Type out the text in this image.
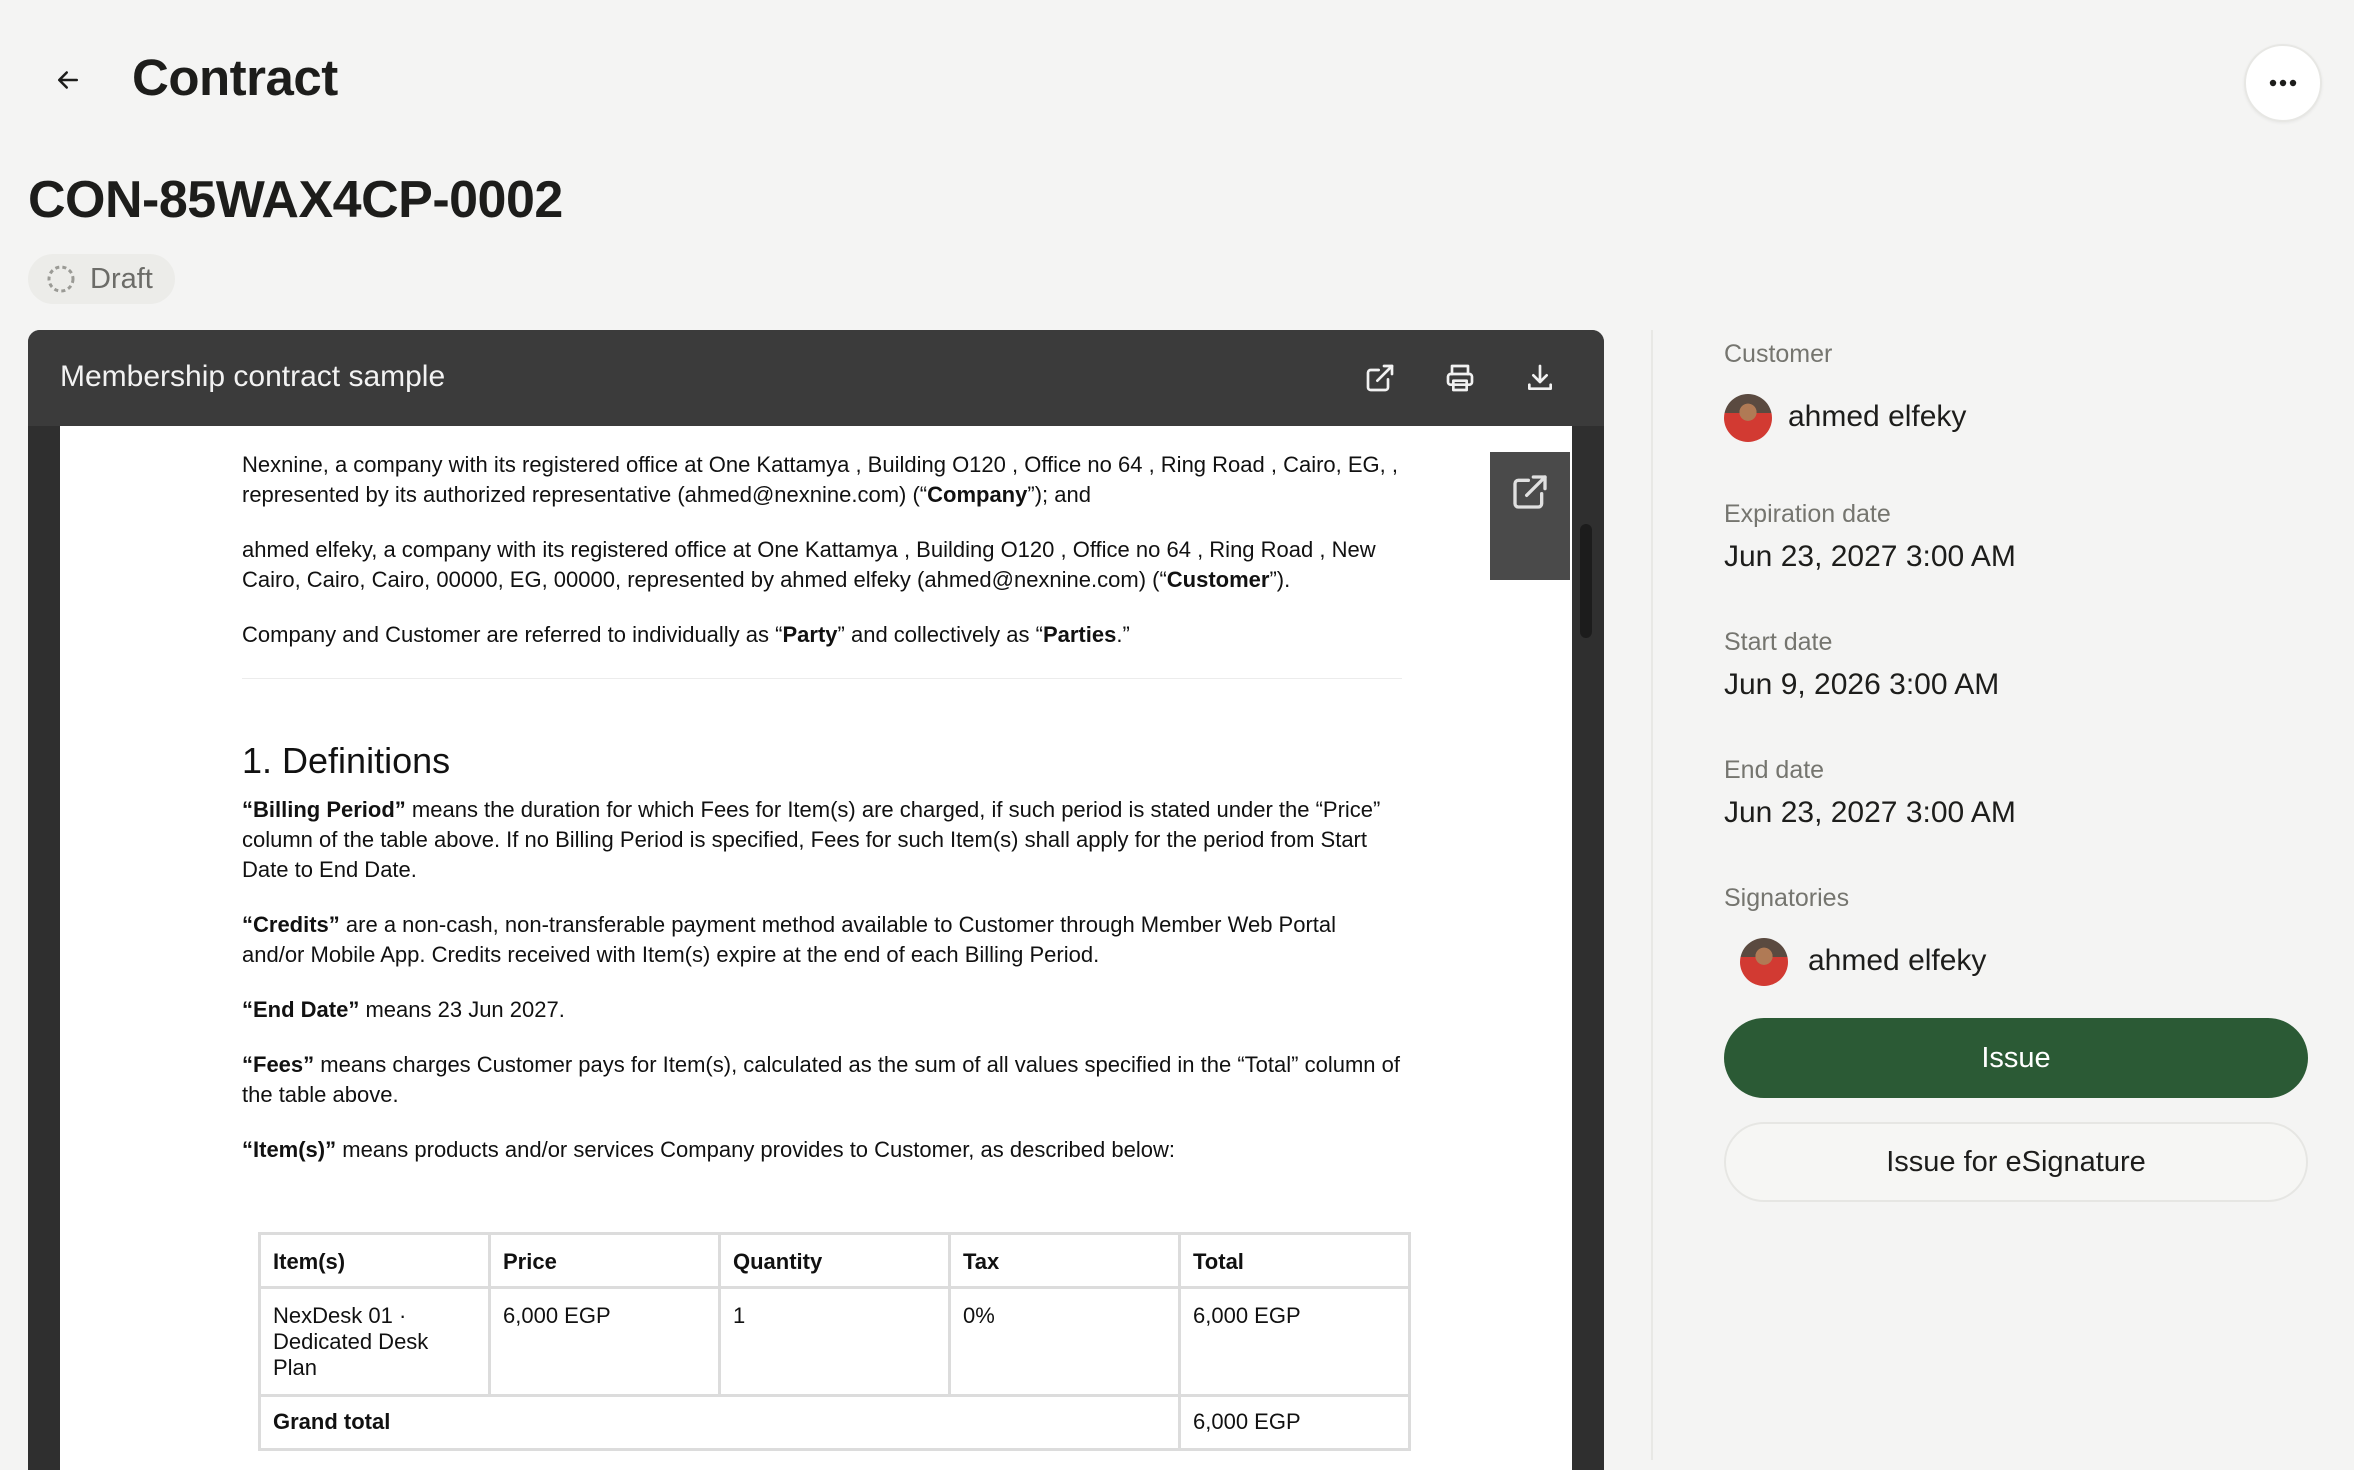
Contract
CON-85WAX4CP-0002
Draft
Membership contract sample

Nexnine, a company with its registered office at One Kattamya , Building O120 , Office no 64 , Ring Road , Cairo, EG, , represented by its authorized representative (ahmed@nexnine.com) (“Company”); and

ahmed elfeky, a company with its registered office at One Kattamya , Building O120 , Office no 64 , Ring Road , New Cairo, Cairo, Cairo, 00000, EG, 00000, represented by ahmed elfeky (ahmed@nexnine.com) (“Customer”).

Company and Customer are referred to individually as “Party” and collectively as “Parties.”

1. Definitions

“Billing Period” means the duration for which Fees for Item(s) are charged, if such period is stated under the “Price” column of the table above. If no Billing Period is specified, Fees for such Item(s) shall apply for the period from Start Date to End Date.

“Credits” are a non-cash, non-transferable payment method available to Customer through Member Web Portal and/or Mobile App. Credits received with Item(s) expire at the end of each Billing Period.

“End Date” means 23 Jun 2027.

“Fees” means charges Customer pays for Item(s), calculated as the sum of all values specified in the “Total” column of the table above.

“Item(s)” means products and/or services Company provides to Customer, as described below:

Item(s)	Price	Quantity	Tax	Total
NexDesk 01 · Dedicated Desk Plan	6,000 EGP	1	0%	6,000 EGP
Grand total				6,000 EGP
Customer
ahmed elfeky
Expiration date
Jun 23, 2027 3:00 AM
Start date
Jun 9, 2026 3:00 AM
End date
Jun 23, 2027 3:00 AM
Signatories
ahmed elfeky
Issue
Issue for eSignature
